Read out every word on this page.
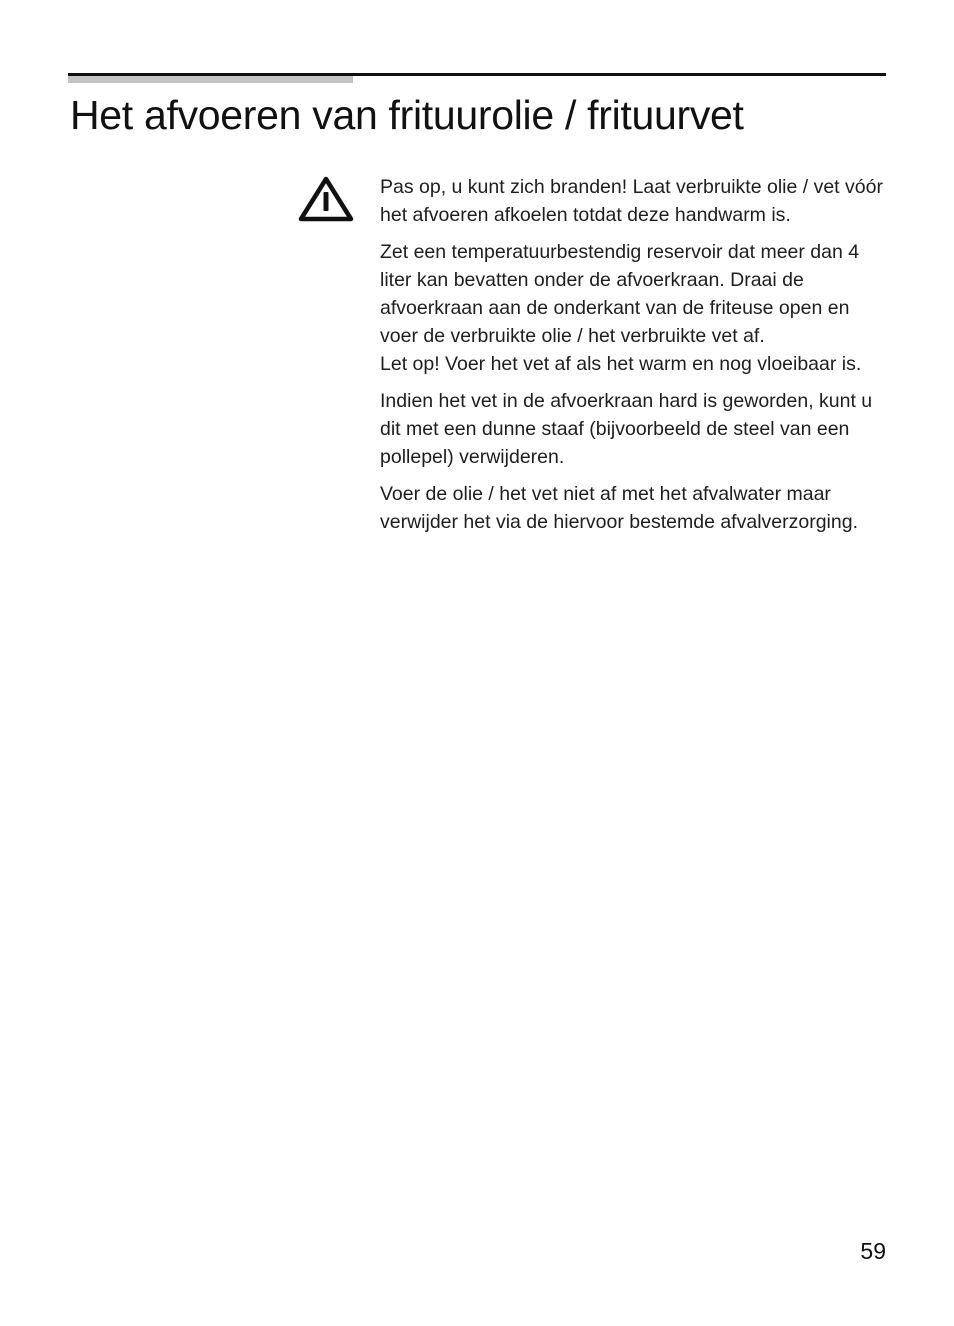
Het afvoeren van frituurolie / frituurvet

Pas op, u kunt zich branden! Laat verbruikte olie / vet vóór het afvoeren afkoelen totdat deze handwarm is.

Zet een temperatuurbestendig reservoir dat meer dan 4 liter kan bevatten onder de afvoerkraan. Draai de afvoerkraan aan de onderkant van de friteuse open en voer de verbruikte olie / het verbruikte vet af.

Let op! Voer het vet af als het warm en nog vloeibaar is.

Indien het vet in de afvoerkraan hard is geworden, kunt u dit met een dunne staaf (bijvoorbeeld de steel van een pollepel) verwijderen.

Voer de olie / het vet niet af met het afvalwater maar verwijder het via de hiervoor bestemde afvalverzorging.

59
